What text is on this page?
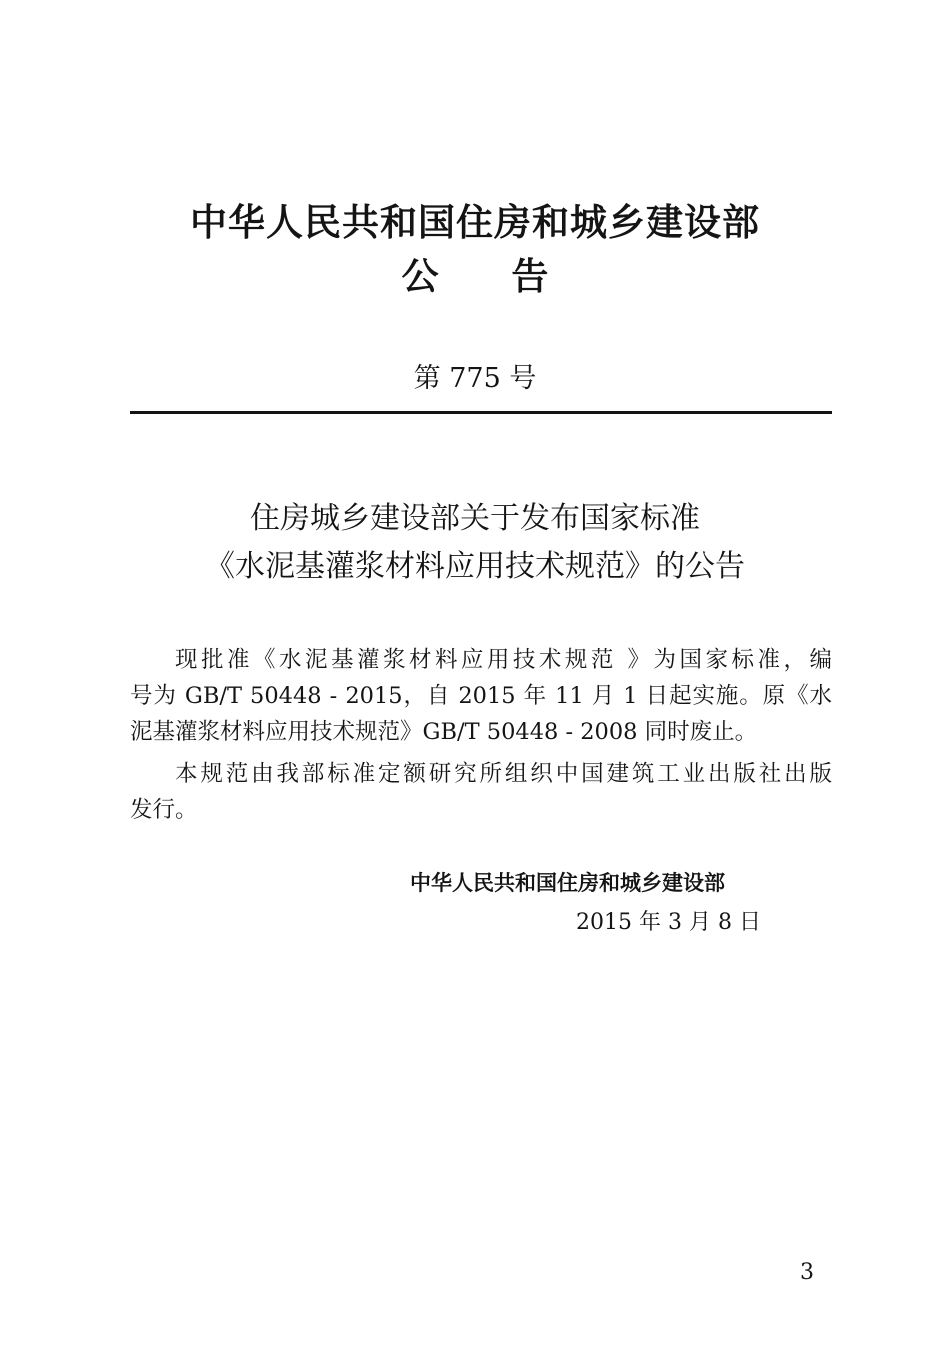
中华人民共和国住房和城乡建设部
公 告
第 775 号
住房城乡建设部关于发布国家标准
《水泥基灌浆材料应用技术规范》的公告
现批准《水泥基灌浆材料应用技术规范 》为国家标准，编
号为 GB/T 50448 - 2015，自 2015 年 11 月 1 日起实施。原《水
泥基灌浆材料应用技术规范》GB/T 50448 - 2008 同时废止。
本规范由我部标准定额研究所组织中国建筑工业出版社出版
发行。
中华人民共和国住房和城乡建设部
2015 年 3 月 8 日
3
